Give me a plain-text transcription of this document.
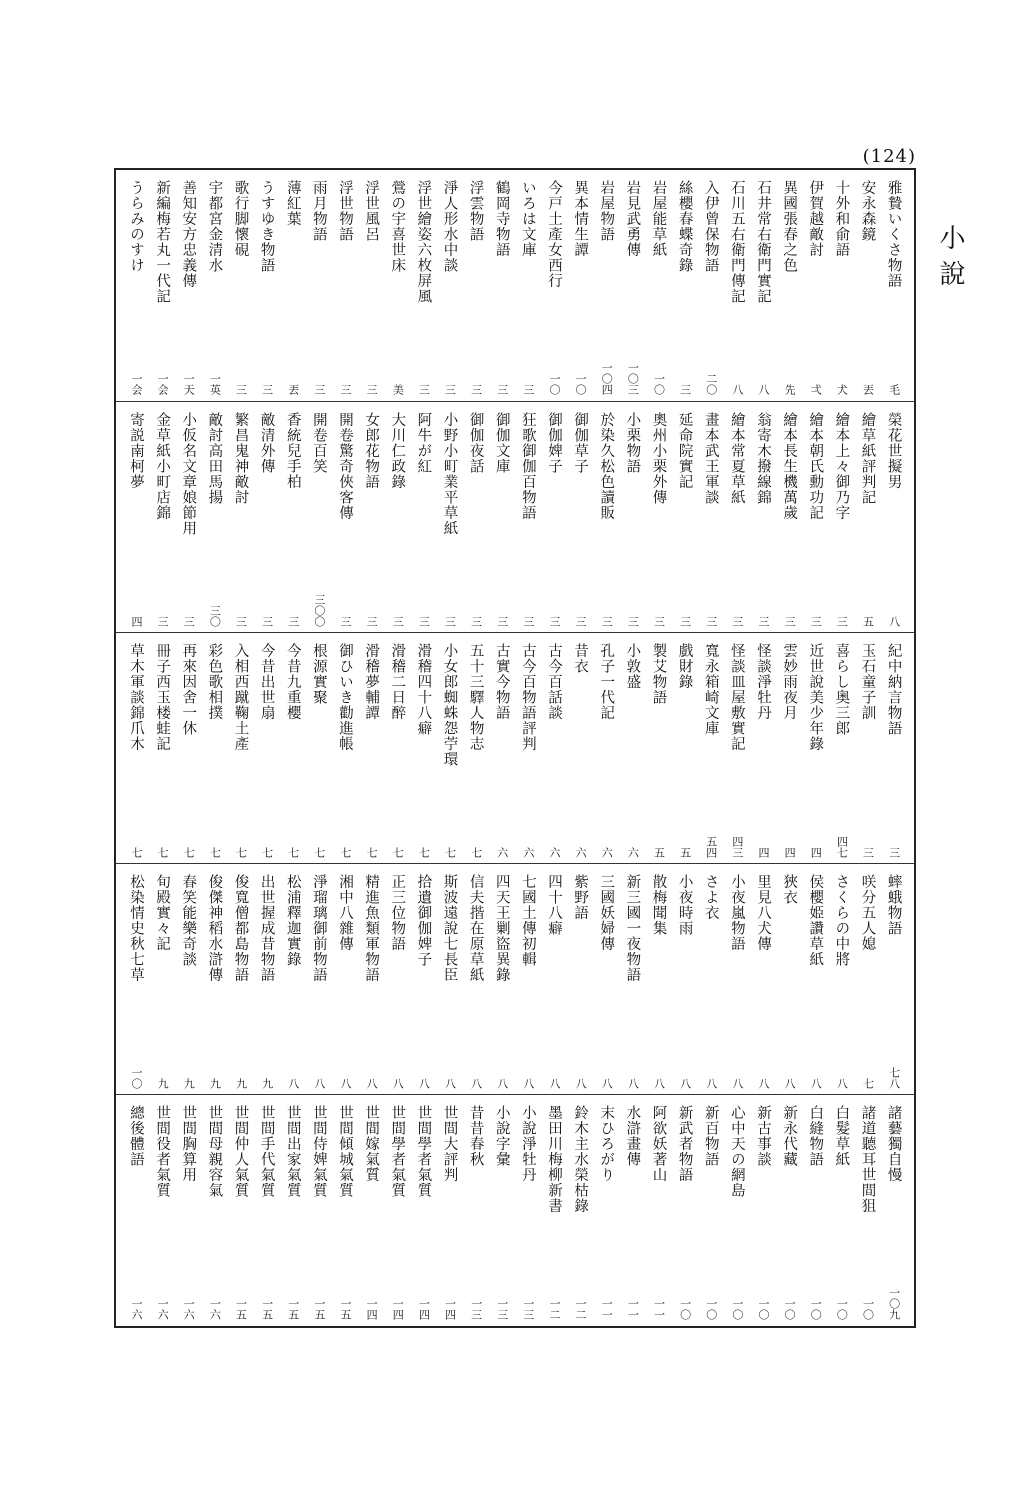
(124)
小說
雅贄いくさ物語
毛
安永森鏡
丟
十外和俞語
犬
伊賀越敵討
弌
異國張春之色
先
石井常右衛門實記
八
石川五右衛門傳記
八
入伊曾保物語
二〇
絲櫻春蝶奇錄
三
岩屋能草紙
一〇
岩見武勇傳
一〇三
岩屋物語
一〇四
異本情生譚
一〇
今戸土產女西行
一〇
いろは文庫
三
鶴岡寺物語
三
浮雲物語
三
淨人形水中談
三
浮世繪姿六枚屏風
三
鶯の宇喜世床
美
浮世風呂
三
浮世物語
三
雨月物語
三
薄紅葉
丟
うすゆき物語
三
歌行脚懷硯
三
宇都宮金清水
一英
善知安方忠義傳
一天
新編梅若丸一代記
一会
うらみのすけ
一会
榮花世擬男
八
繪草紙評判記
五
繪本上々御乃字
三
繪本朝氏勳功記
三
繪本長生機萬歲
三
翁寄木撥線錦
三
繪本常夏草紙
三
畫本武王軍談
三
延命院實記
三
奧州小栗外傳
三
小栗物語
三
於染久松色讀販
三
御伽草子
三
御伽婢子
三
狂歌御伽百物語
三
御伽文庫
三
御伽夜話
三
小野小町業平草紙
三
阿牛が紅
三
大川仁政錄
三
女郎花物語
三
開卷驚奇俠客傳
三
開卷百笑
三〇〇
香統兒手柏
三
敵清外傳
三
繁昌鬼神敵討
三
敵討高田馬揚
三〇
小仮名文章娘節用
三
金草紙小町店錦
三
寄説南柯夢
四
紀中納言物語
三
玉石童子訓
三
喜らし奥三郎
四七
近世說美少年錄
四
雲妙雨夜月
四
怪談淨牡丹
四
怪談皿屋敷實記
四三
寬永箱崎文庫
五四
戲財錄
五
製艾物語
五
小敦盛
六
孔子一代記
六
昔衣
六
古今百話談
六
古今百物語評判
六
古實今物語
六
五十三驛人物志
七
小女郎蜘蛛怨苧環
七
滑稽四十八癖
七
滑稽二日醉
七
滑稽夢輔譚
七
御ひいき勸進帳
七
根源實聚
七
今昔九重櫻
七
今昔出世扇
七
入相西蹴鞠土產
七
彩色歌相撲
七
再來因舍一休
七
冊子西玉楼蛙記
七
草木軍談錦爪木
七
蟀蛾物語
七八
咲分五人媳
七
さくらの中將
八
侯櫻姫讚草紙
八
狹衣
八
里見八犬傳
八
小夜嵐物語
八
さよ衣
八
小夜時雨
八
散梅聞集
八
新三國一夜物語
八
三國妖婦傳
八
紫野語
八
四十八癖
八
七國土傳初輯
八
四天王剿盜異錄
八
信夫揩在原草紙
八
斯波遠說七長臣
八
拾遺御伽婢子
八
正三位物語
八
精進魚類軍物語
八
湘中八雜傳
八
淨瑠璃御前物語
八
松浦釋迦實錄
八
出世握成昔物語
九
俊寬僧都島物語
九
俊傑神稻水滸傳
九
春笑能樂奇談
九
旬殿實々記
九
松染情史秋七草
一〇
諸藝獨自慢
一〇九
諸道聽耳世間狙
一〇
白髮草紙
一〇
白縫物語
一〇
新永代藏
一〇
新古事談
一〇
心中天の網島
一〇
新百物語
一〇
新武者物語
一〇
阿欲妖著山
一一
水滸畫傳
一一
末ひろがり
一一
鈴木主水榮枯錄
一二
墨田川梅柳新書
一二
小說淨牡丹
一三
小說字彙
一三
昔昔春秋
一三
世間大評判
一四
世間學者氣質
一四
世間學者氣質
一四
世間嫁氣質
一四
世間傾城氣質
一五
世間侍婢氣質
一五
世間出家氣質
一五
世間手代氣質
一五
世間仲人氣質
一五
世間母親容氣
一六
世間胸算用
一六
世間役者氣質
一六
總後體語
一六
